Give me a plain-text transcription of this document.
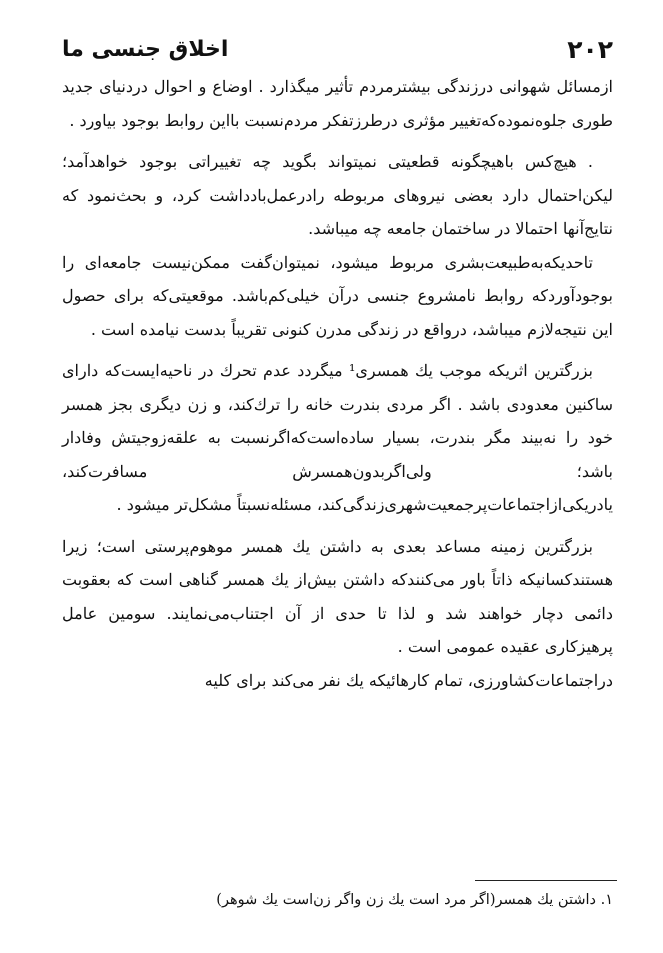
۲۰۲
اخلاق جنسی ما

ازمسائل شهوانی درزندگی بیشترمردم تأثیر میگذارد . اوضاع و احوال دردنیای جدید طوری جلوه‌نموده‌که‌تغییر مؤثری درطرزتفکر مردم‌نسبت بااین روابط بوجود بیاورد .

. هیچ‌کس باهیچگونه قطعیتی نمیتواند بگوید چه تغییراتی بوجود خواهدآمد؛ لیکن‌احتمال دارد بعضی نیروهای مربوطه رادرعمل‌بادداشت کرد، و بحث‌نمود که نتایج‌آنها احتمالا در ساختمان جامعه چه میباشد.

تاحدیکه‌به‌طبیعت‌بشری مربوط میشود، نمیتوان‌گفت ممکن‌نیست جامعه‌ای را بوجودآوردکه روابط نامشروع جنسی درآن خیلی‌کم‌باشد. موقعیتی‌که برای حصول این نتیجه‌لازم میباشد، درواقع در زندگی مدرن کنونی تقریباً بدست نیامده است .

بزرگترین اثریکه موجب یك همسری¹ میگردد عدم تحرك در ناحیه‌ایست‌که دارای ساکنین معدودی باشد . اگر مردی بندرت خانه را ترك‌کند، و زن دیگری بجز همسر خود را نه‌بیند مگر بندرت، بسیار ساده‌است‌که‌اگرنسبت به علقه‌زوجیتش وفادار باشد؛ ولی‌اگربدون‌همسرش مسافرت‌کند، یادریکی‌ازاجتماعات‌پرجمعیت‌شهری‌زندگی‌کند، مسئله‌نسبتاً مشکل‌تر میشود .

بزرگترین زمینه مساعد بعدی به داشتن یك همسر موهوم‌پرستی است؛ زیرا هستندکسانیکه ذاتاً باور می‌کنندکه داشتن بیش‌از یك همسر گناهی است که بعقوبت دائمی دچار خواهند شد و لذا تا حدی از آن اجتناب‌می‌نمایند. سومین عامل پرهیزکاری عقیده عمومی است .

دراجتماعات‌کشاورزی، تمام کارهائیکه یك نفر می‌کند برای کلیه

۱. داشتن یك همسر(اگر مرد است یك زن واگر زن‌است یك شوهر)
